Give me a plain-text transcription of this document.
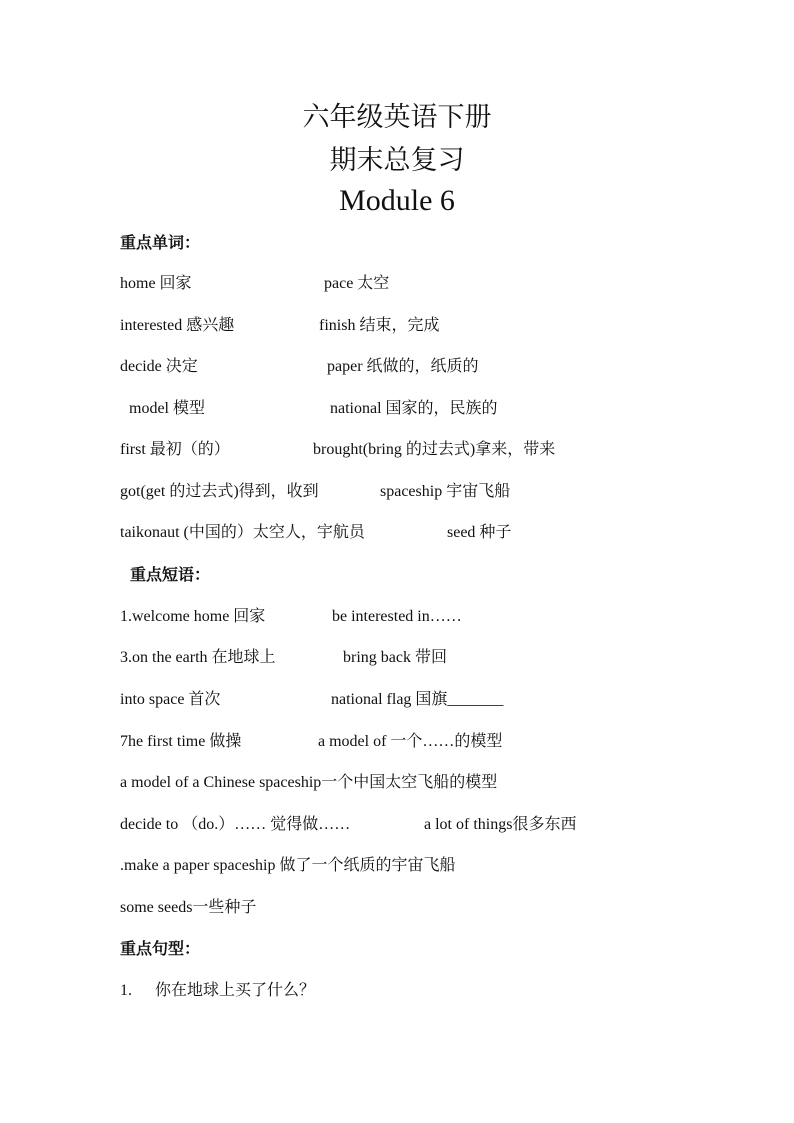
六年级英语下册
期末总复习
Module 6
重点单词：
home 回家	pace 太空
interested 感兴趣	finish 结束，完成
decide 决定	paper 纸做的，纸质的
model 模型	national 国家的，民族的
first 最初（的）	brought(bring 的过去式)拿来，带来
got(get 的过去式)得到，收到	spaceship 宇宙飞船
taikonaut (中国的）太空人，宇航员	seed 种子
重点短语：
1.welcome home 回家	be interested in……
3.on the earth 在地球上	bring back 带回
into space 首次	national flag 国旗_______
7he first time 做操	a model of 一个……的模型
a model of a Chinese spaceship一个中国太空飞船的模型
decide to （do.）…… 觉得做……	a lot of things很多东西
.make a paper spaceship 做了一个纸质的宇宙飞船
some seeds一些种子
重点句型：
1. 你在地球上买了什么？
